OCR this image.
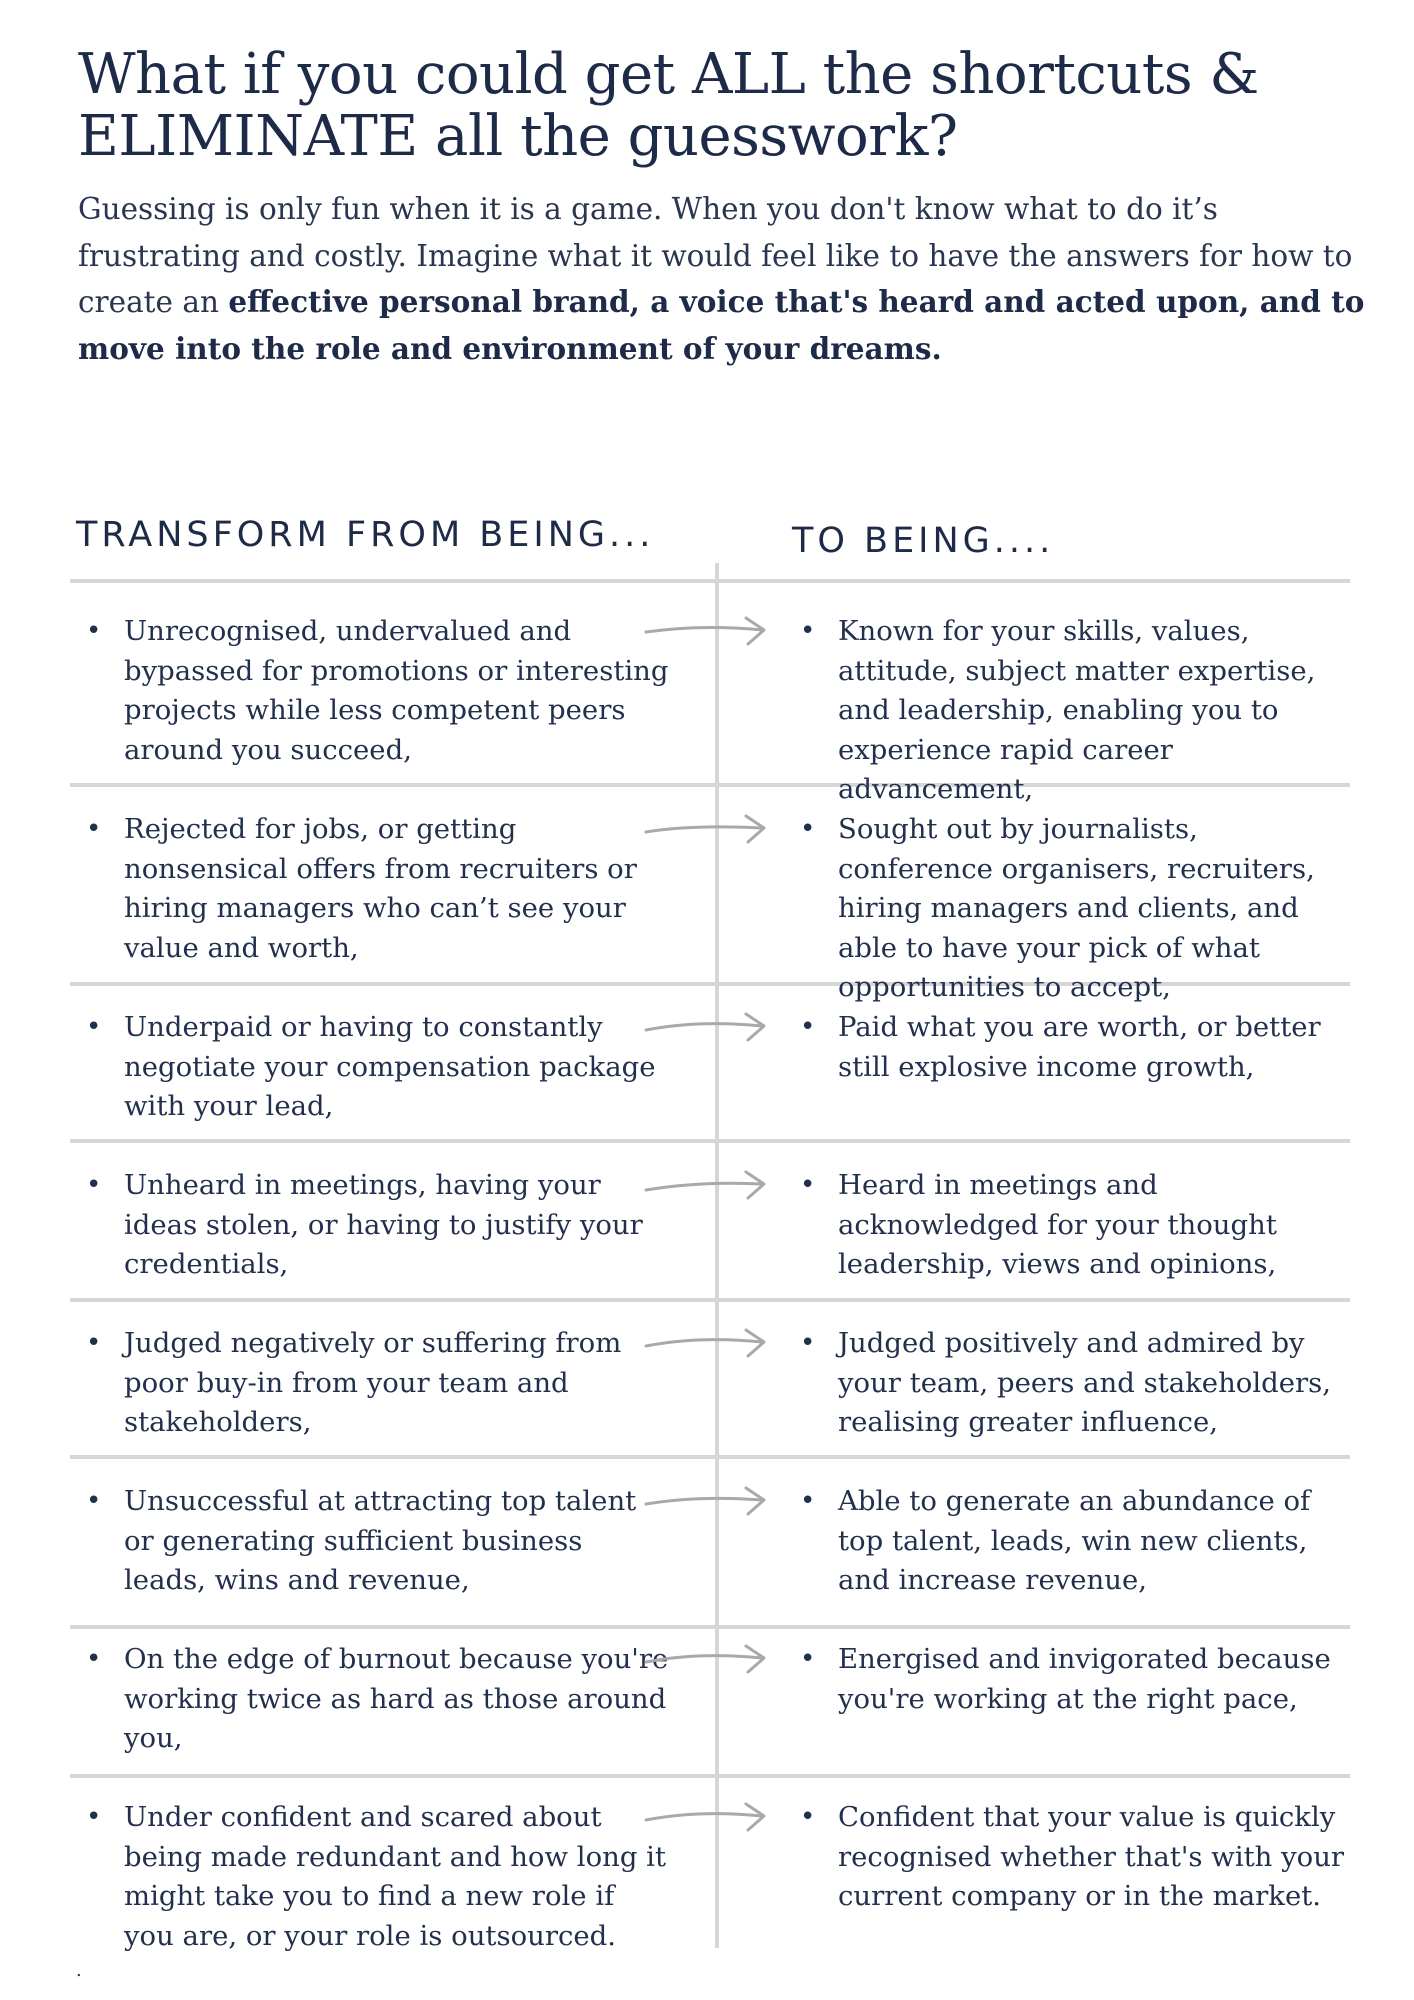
What if you could get ALL the shortcuts &
ELIMINATE all the guesswork?

Guessing is only fun when it is a game. When you don't know what to do it’s frustrating and costly. Imagine what it would feel like to have the answers for how to create an effective personal brand, a voice that's heard and acted upon, and to move into the role and environment of your dreams.

TRANSFORM FROM BEING...	TO BEING....
• Unrecognised, undervalued and bypassed for promotions or interesting projects while less competent peers around you succeed,
• Known for your skills, values, attitude, subject matter expertise, and leadership, enabling you to experience rapid career advancement,
• Rejected for jobs, or getting nonsensical offers from recruiters or hiring managers who can’t see your value and worth,
• Sought out by journalists, conference organisers, recruiters, hiring managers and clients, and able to have your pick of what opportunities to accept,
• Underpaid or having to constantly negotiate your compensation package with your lead,
• Paid what you are worth, or better still explosive income growth,
• Unheard in meetings, having your ideas stolen, or having to justify your credentials,
• Heard in meetings and acknowledged for your thought leadership, views and opinions,
• Judged negatively or suffering from poor buy-in from your team and stakeholders,
• Judged positively and admired by your team, peers and stakeholders, realising greater influence,
• Unsuccessful at attracting top talent or generating sufficient business leads, wins and revenue,
• Able to generate an abundance of top talent, leads, win new clients, and increase revenue,
• On the edge of burnout because you're working twice as hard as those around you,
• Energised and invigorated because you're working at the right pace,
• Under confident and scared about being made redundant and how long it might take you to find a new role if you are, or your role is outsourced.
• Confident that your value is quickly recognised whether that's with your current company or in the market.
.
